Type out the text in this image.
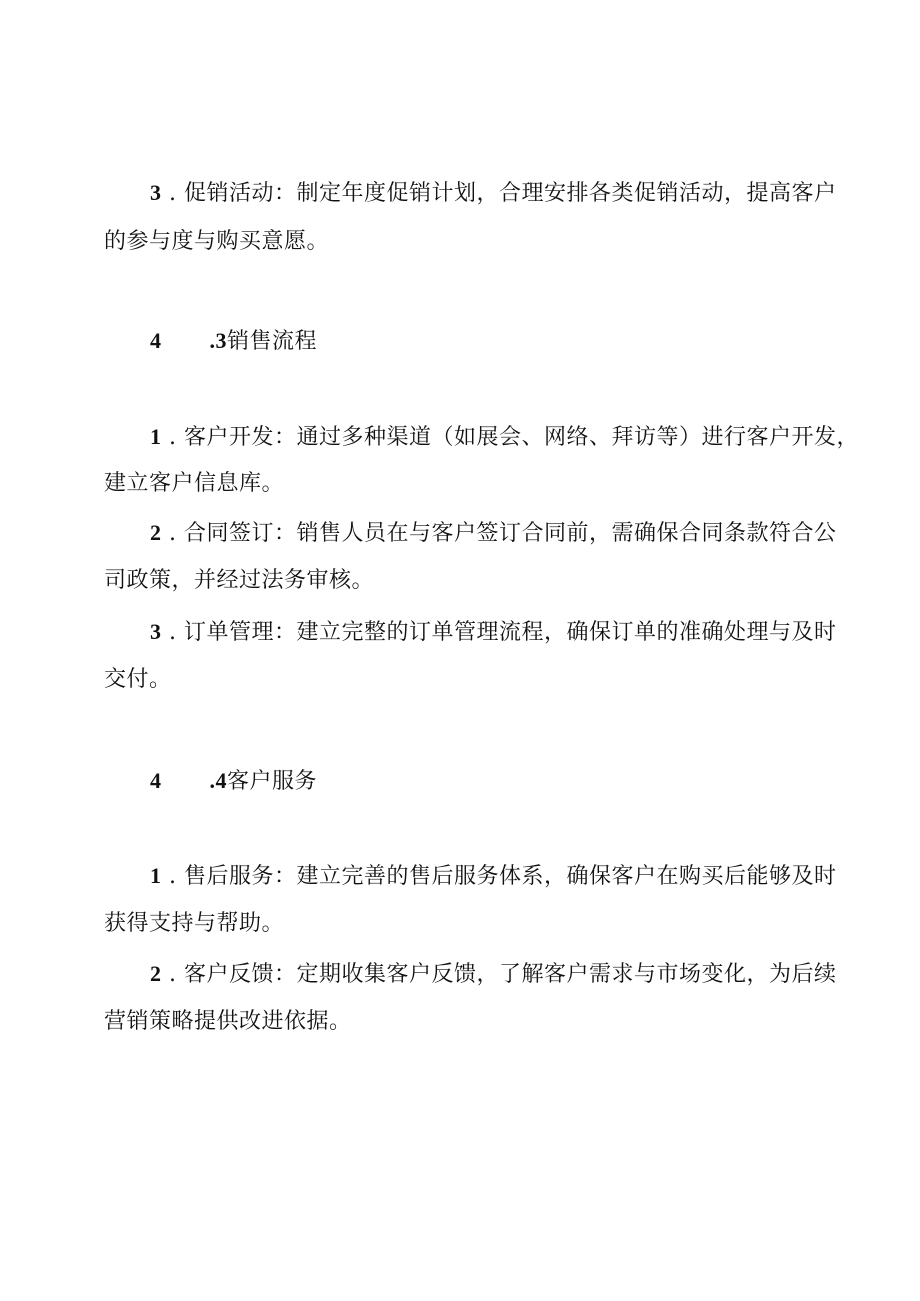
3 . 促销活动：制定年度促销计划，合理安排各类促销活动，提高客户
的参与度与购买意愿。
4 .3销售流程
1 . 客户开发：通过多种渠道（如展会、网络、拜访等）进行客户开发，
建立客户信息库。
2 . 合同签订：销售人员在与客户签订合同前，需确保合同条款符合公
司政策，并经过法务审核。
3 . 订单管理：建立完整的订单管理流程，确保订单的准确处理与及时
交付。
4 .4客户服务
1 . 售后服务：建立完善的售后服务体系，确保客户在购买后能够及时
获得支持与帮助。
2 . 客户反馈：定期收集客户反馈，了解客户需求与市场变化，为后续
营销策略提供改进依据。
